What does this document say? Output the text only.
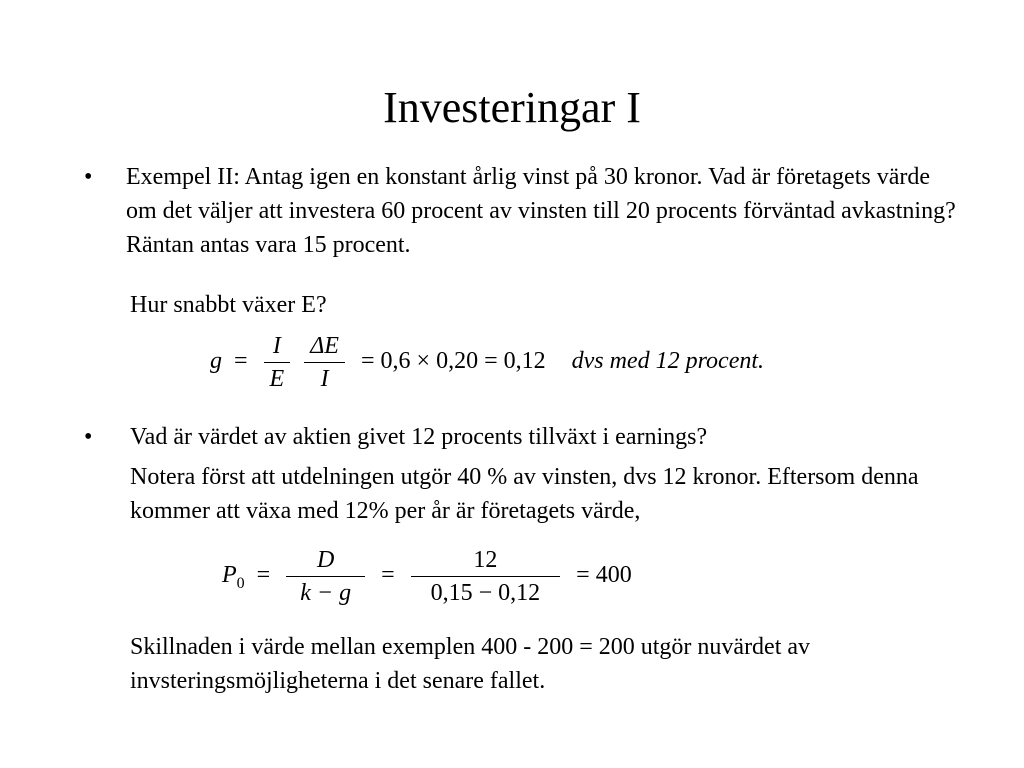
Investeringar I
• Exempel II: Antag igen en konstant årlig vinst på 30 kronor. Vad är företagets värde om det väljer att investera 60 procent av vinsten till 20 procents förväntad avkastning? Räntan antas vara 15 procent.

Hur snabbt växer E?

$g = \frac{I}{E}$
$\frac{\Delta E}{I} = 0,6 \times 0,20 = 0,12$ dvs med 12 procent.
• Vad är värdet av aktien givet 12 procents tillväxt i earnings?

Notera först att utdelningen utgör 40 % av vinsten, dvs 12 kronor. Eftersom denna kommer att växa med 12% per år är företagets värde,

$P_0 = \frac{D}{k - g} = \frac{12}{0,15 - 0,12} = 400$

Skillnaden i värde mellan exemplen 400 - 200 = 200 utgör nuvärdet av invsteringsmöjligheterna i det senare fallet.
